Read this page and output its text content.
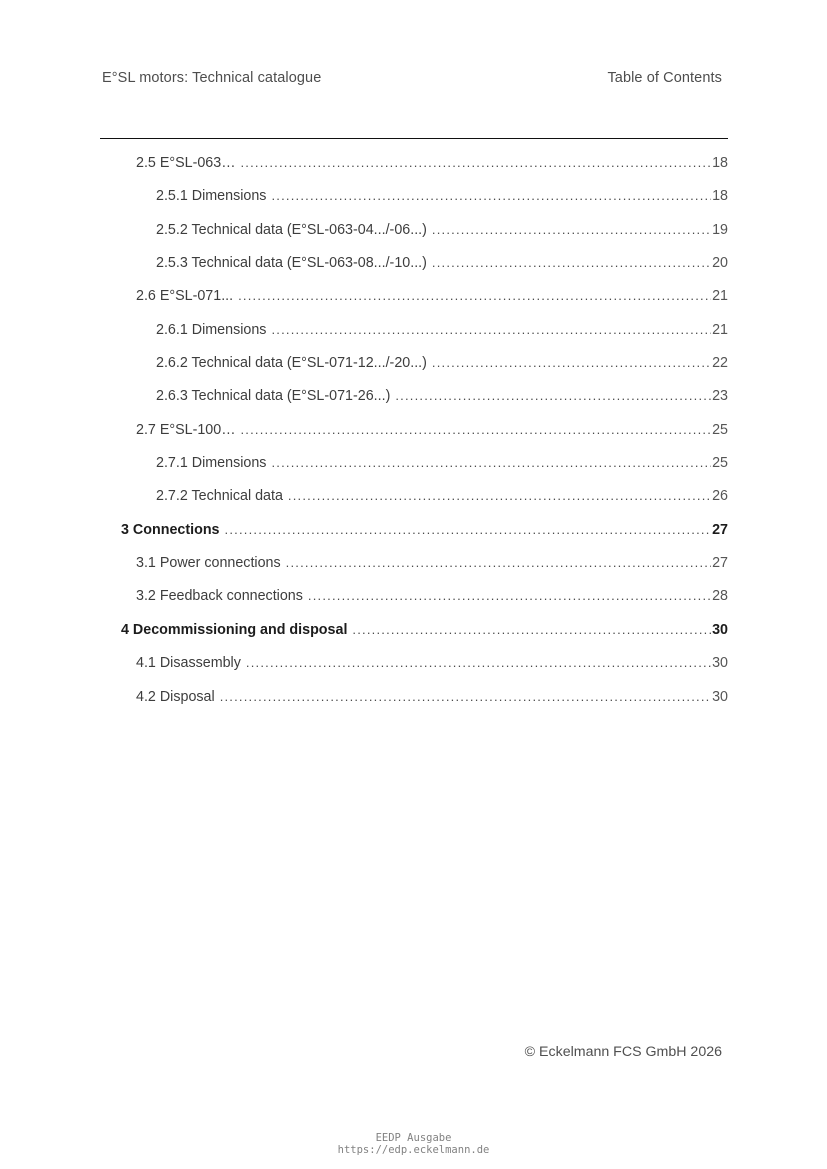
E°SL motors: Technical catalogue	Table of Contents
2.5 E°SL-063… .....	18
2.5.1 Dimensions .....	18
2.5.2 Technical data (E°SL-063-04.../-06...) .....	19
2.5.3 Technical data (E°SL-063-08.../-10...) .....	20
2.6 E°SL-071... .....	21
2.6.1 Dimensions .....	21
2.6.2 Technical data (E°SL-071-12.../-20...) .....	22
2.6.3 Technical data (E°SL-071-26...) .....	23
2.7 E°SL-100… .....	25
2.7.1 Dimensions .....	25
2.7.2 Technical data .....	26
3 Connections .....	27
3.1 Power connections .....	27
3.2 Feedback connections .....	28
4 Decommissioning and disposal .....	30
4.1 Disassembly .....	30
4.2 Disposal .....	30
© Eckelmann FCS GmbH 2026
EEDP Ausgabe
https://edp.eckelmann.de
